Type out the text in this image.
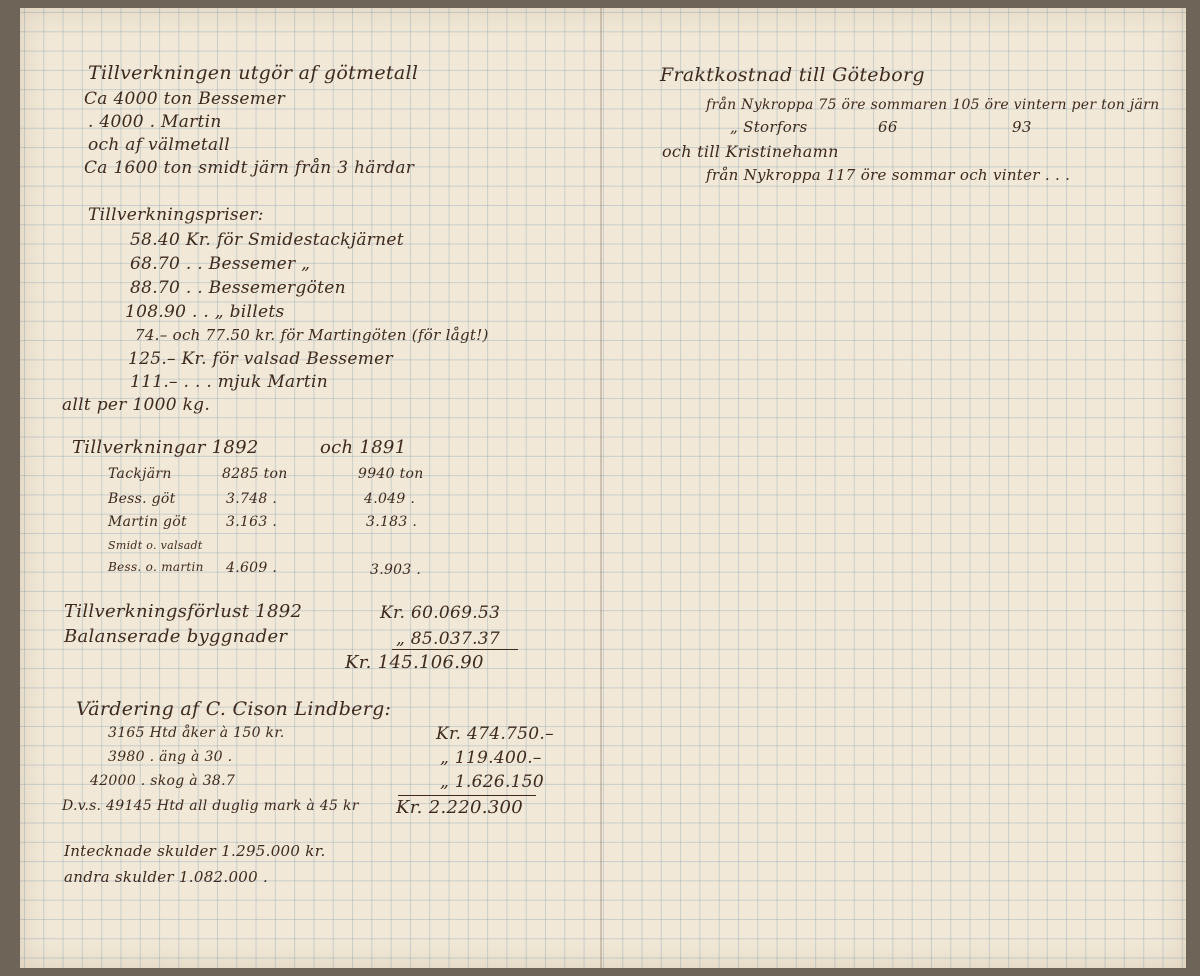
Tillverkningen utgör af götmetall
Ca 4000 ton Bessemer
. 4000 . Martin
och af välmetall
Ca 1600 ton smidt järn från 3 härdar
Tillverkningspriser:
58.40 Kr. för Smidestackjärnet
68.70 . . Bessemer „
88.70 . . Bessemergöten
108.90 . . „ billets
74.– och 77.50 kr. för Martingöten (för lågt!)
125.– Kr. för valsad Bessemer
111.– . . . mjuk Martin
allt per 1000 kg.
Tillverkningar 1892	och 1891
Tackjärn	8285 ton	9940 ton
Bess. göt	3.748 .	4.049 .
Martin göt	3.163 .	3.183 .
Smidt o. valsadt
Bess. o. martin 4.609 .	3.903 .
Tillverkningsförlust 1892	Kr. 60.069.53
Balanserade byggnader	„ 85.037.37
Kr. 145.106.90
Värdering af C. Cison Lindberg:
3165 Htd åker à 150 kr.	Kr. 474.750.–
3980 . äng à 30 .	„ 119.400.–
42000 . skog à 38.7	„ 1.626.150
D.v.s. 49145 Htd all duglig mark à 45 kr Kr. 2.220.300
Intecknade skulder 1.295.000 kr.
andra skulder 1.082.000 .
Fraktkostnad till Göteborg
från Nykroppa 75 öre sommaren 105 öre vintern per ton järn
„ Storfors	66	93
och till Kristinehamn
från Nykroppa 117 öre sommar och vinter . . .
